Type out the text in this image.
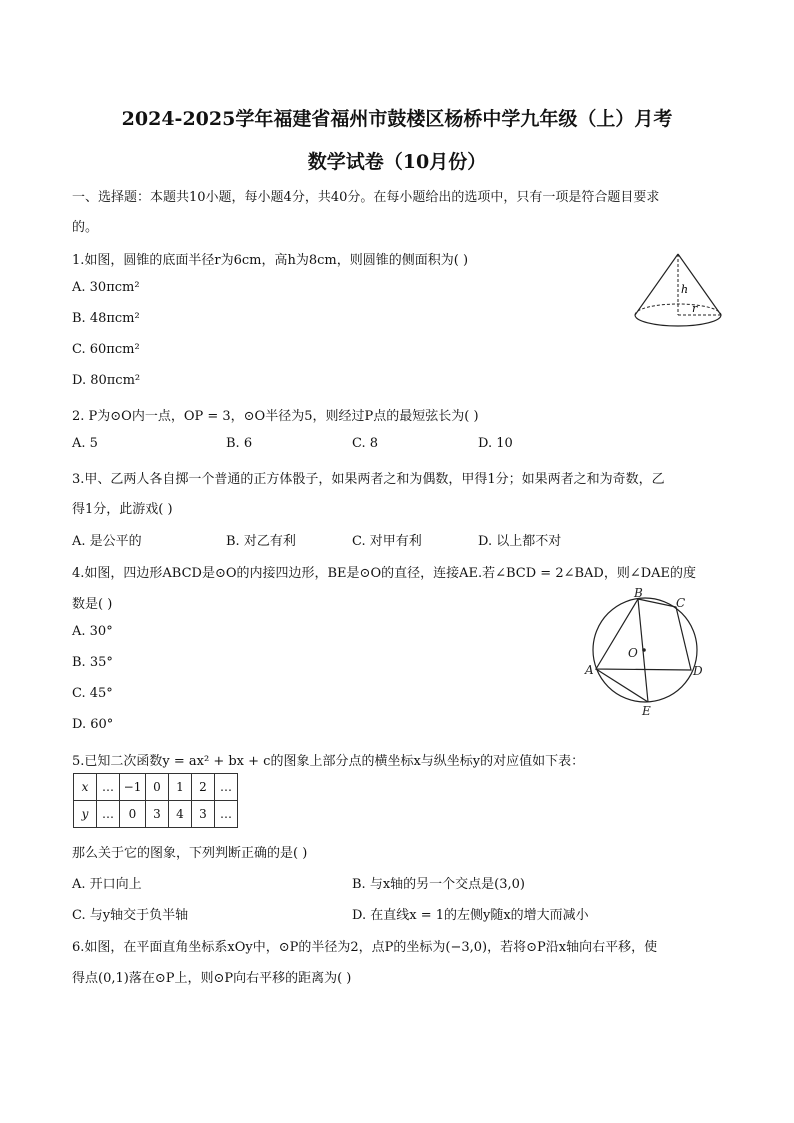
2024-2025学年福建省福州市鼓楼区杨桥中学九年级（上）月考
数学试卷（10月份）
一、选择题：本题共10小题，每小题4分，共40分。在每小题给出的选项中，只有一项是符合题目要求
的。
1.如图，圆锥的底面半径r为6cm，高h为8cm，则圆锥的侧面积为( )
A. 30πcm²
B. 48πcm²
C. 60πcm²
D. 80πcm²
h
r
2. P为⊙O内一点，OP = 3，⊙O半径为5，则经过P点的最短弦长为( )
A. 5	B. 6	C. 8	D. 10
3.甲、乙两人各自掷一个普通的正方体骰子，如果两者之和为偶数，甲得1分；如果两者之和为奇数，乙
得1分，此游戏( )
A. 是公平的	B. 对乙有利	C. 对甲有利	D. 以上都不对
4.如图，四边形ABCD是⊙O的内接四边形，BE是⊙O的直径，连接AE.若∠BCD = 2∠BAD，则∠DAE的度
数是( )
A. 30°
B. 35°
C. 45°
D. 60°
B
C
O
A	D
E
5.已知二次函数y = ax² + bx + c的图象上部分点的横坐标x与纵坐标y的对应值如下表：
x	…	−1	0	1	2	…
y	…	0	3	4	3	…
那么关于它的图象，下列判断正确的是( )
A. 开口向上	B. 与x轴的另一个交点是(3,0)
C. 与y轴交于负半轴	D. 在直线x = 1的左侧y随x的增大而减小
6.如图，在平面直角坐标系xOy中，⊙P的半径为2，点P的坐标为(−3,0)，若将⊙P沿x轴向右平移，使
得点(0,1)落在⊙P上，则⊙P向右平移的距离为( )
